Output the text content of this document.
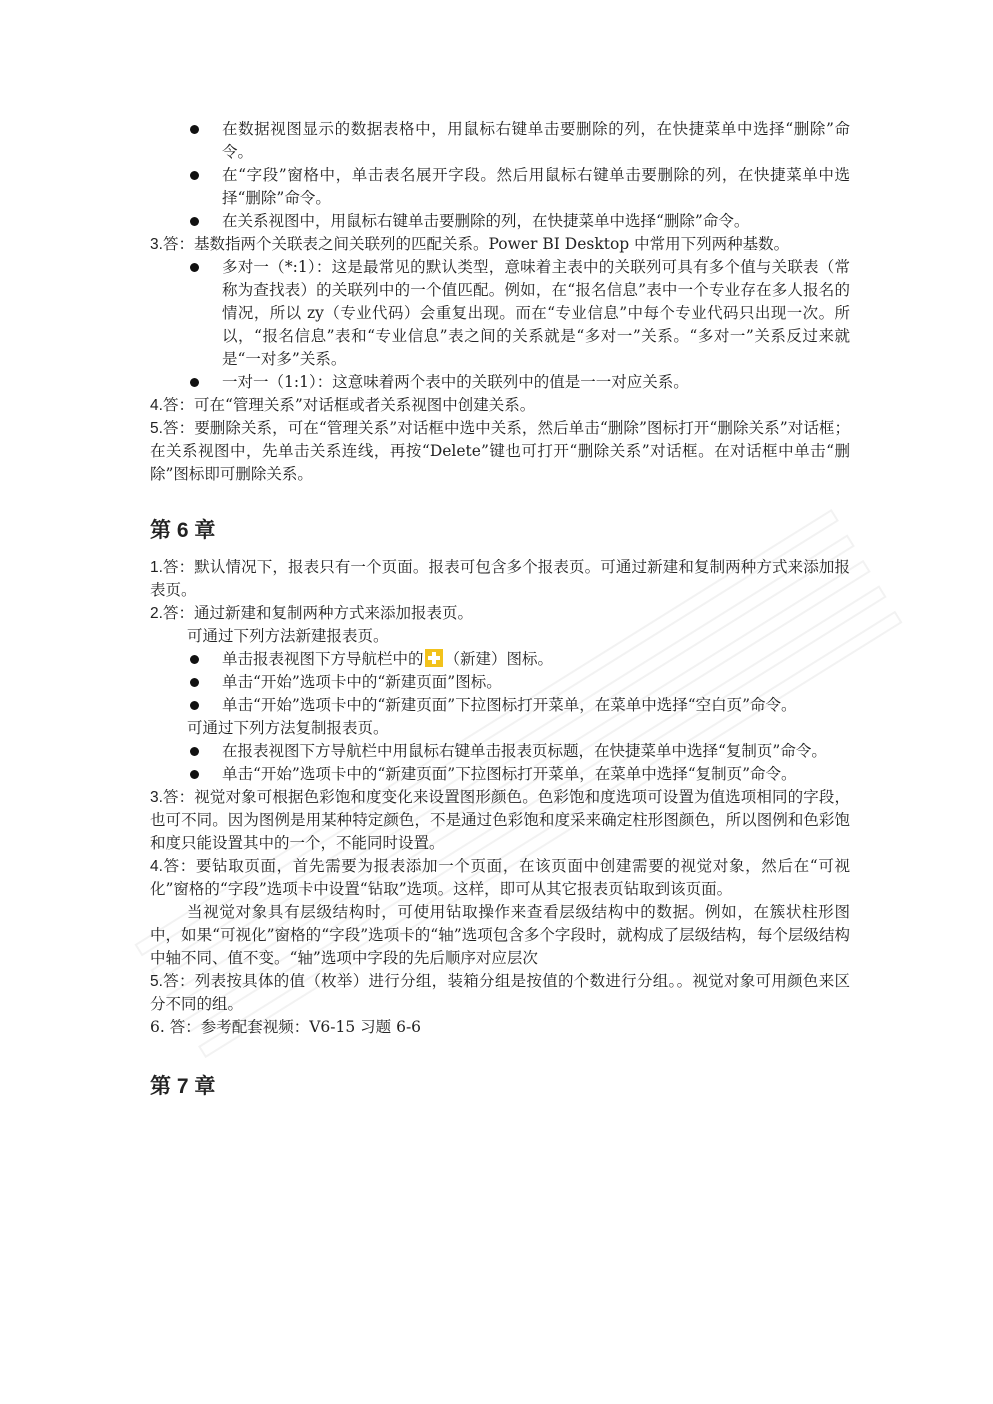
在数据视图显示的数据表格中，用鼠标右键单击要删除的列，在快捷菜单中选择“删除”命令。

在“字段”窗格中，单击表名展开字段。然后用鼠标右键单击要删除的列，在快捷菜单中选择“删除”命令。

在关系视图中，用鼠标右键单击要删除的列，在快捷菜单中选择“删除”命令。

3.答：基数指两个关联表之间关联列的匹配关系。Power BI Desktop 中常用下列两种基数。

多对一（*:1）：这是最常见的默认类型，意味着主表中的关联列可具有多个值与关联表（常称为查找表）的关联列中的一个值匹配。例如，在“报名信息”表中一个专业存在多人报名的情况，所以 zy（专业代码）会重复出现。而在“专业信息”中每个专业代码只出现一次。所以，“报名信息”表和“专业信息”表之间的关系就是“多对一”关系。“多对一”关系反过来就是“一对多”关系。

一对一（1:1）：这意味着两个表中的关联列中的值是一一对应关系。

4.答：可在“管理关系”对话框或者关系视图中创建关系。

5.答：要删除关系，可在“管理关系”对话框中选中关系，然后单击“删除”图标打开“删除关系”对话框；在关系视图中，先单击关系连线，再按“Delete”键也可打开“删除关系”对话框。在对话框中单击“删除”图标即可删除关系。

第 6 章

1.答：默认情况下，报表只有一个页面。报表可包含多个报表页。可通过新建和复制两种方式来添加报表页。

2.答：通过新建和复制两种方式来添加报表页。

可通过下列方法新建报表页。

单击报表视图下方导航栏中的 （新建）图标。

单击“开始”选项卡中的“新建页面”图标。

单击“开始”选项卡中的“新建页面”下拉图标打开菜单，在菜单中选择“空白页”命令。

可通过下列方法复制报表页。

在报表视图下方导航栏中用鼠标右键单击报表页标题，在快捷菜单中选择“复制页”命令。

单击“开始”选项卡中的“新建页面”下拉图标打开菜单，在菜单中选择“复制页”命令。

3.答：视觉对象可根据色彩饱和度变化来设置图形颜色。色彩饱和度选项可设置为值选项相同的字段，也可不同。因为图例是用某种特定颜色，不是通过色彩饱和度采来确定柱形图颜色，所以图例和色彩饱和度只能设置其中的一个，不能同时设置。

4.答：要钻取页面，首先需要为报表添加一个页面，在该页面中创建需要的视觉对象，然后在“可视化”窗格的“字段”选项卡中设置“钻取”选项。这样，即可从其它报表页钻取到该页面。

当视觉对象具有层级结构时，可使用钻取操作来查看层级结构中的数据。例如，在簇状柱形图中，如果“可视化”窗格的“字段”选项卡的“轴”选项包含多个字段时，就构成了层级结构，每个层级结构中轴不同、值不变。“轴”选项中字段的先后顺序对应层次

5.答：列表按具体的值（枚举）进行分组，装箱分组是按值的个数进行分组。。视觉对象可用颜色来区分不同的组。

6. 答：参考配套视频：V6-15 习题 6-6

第 7 章
